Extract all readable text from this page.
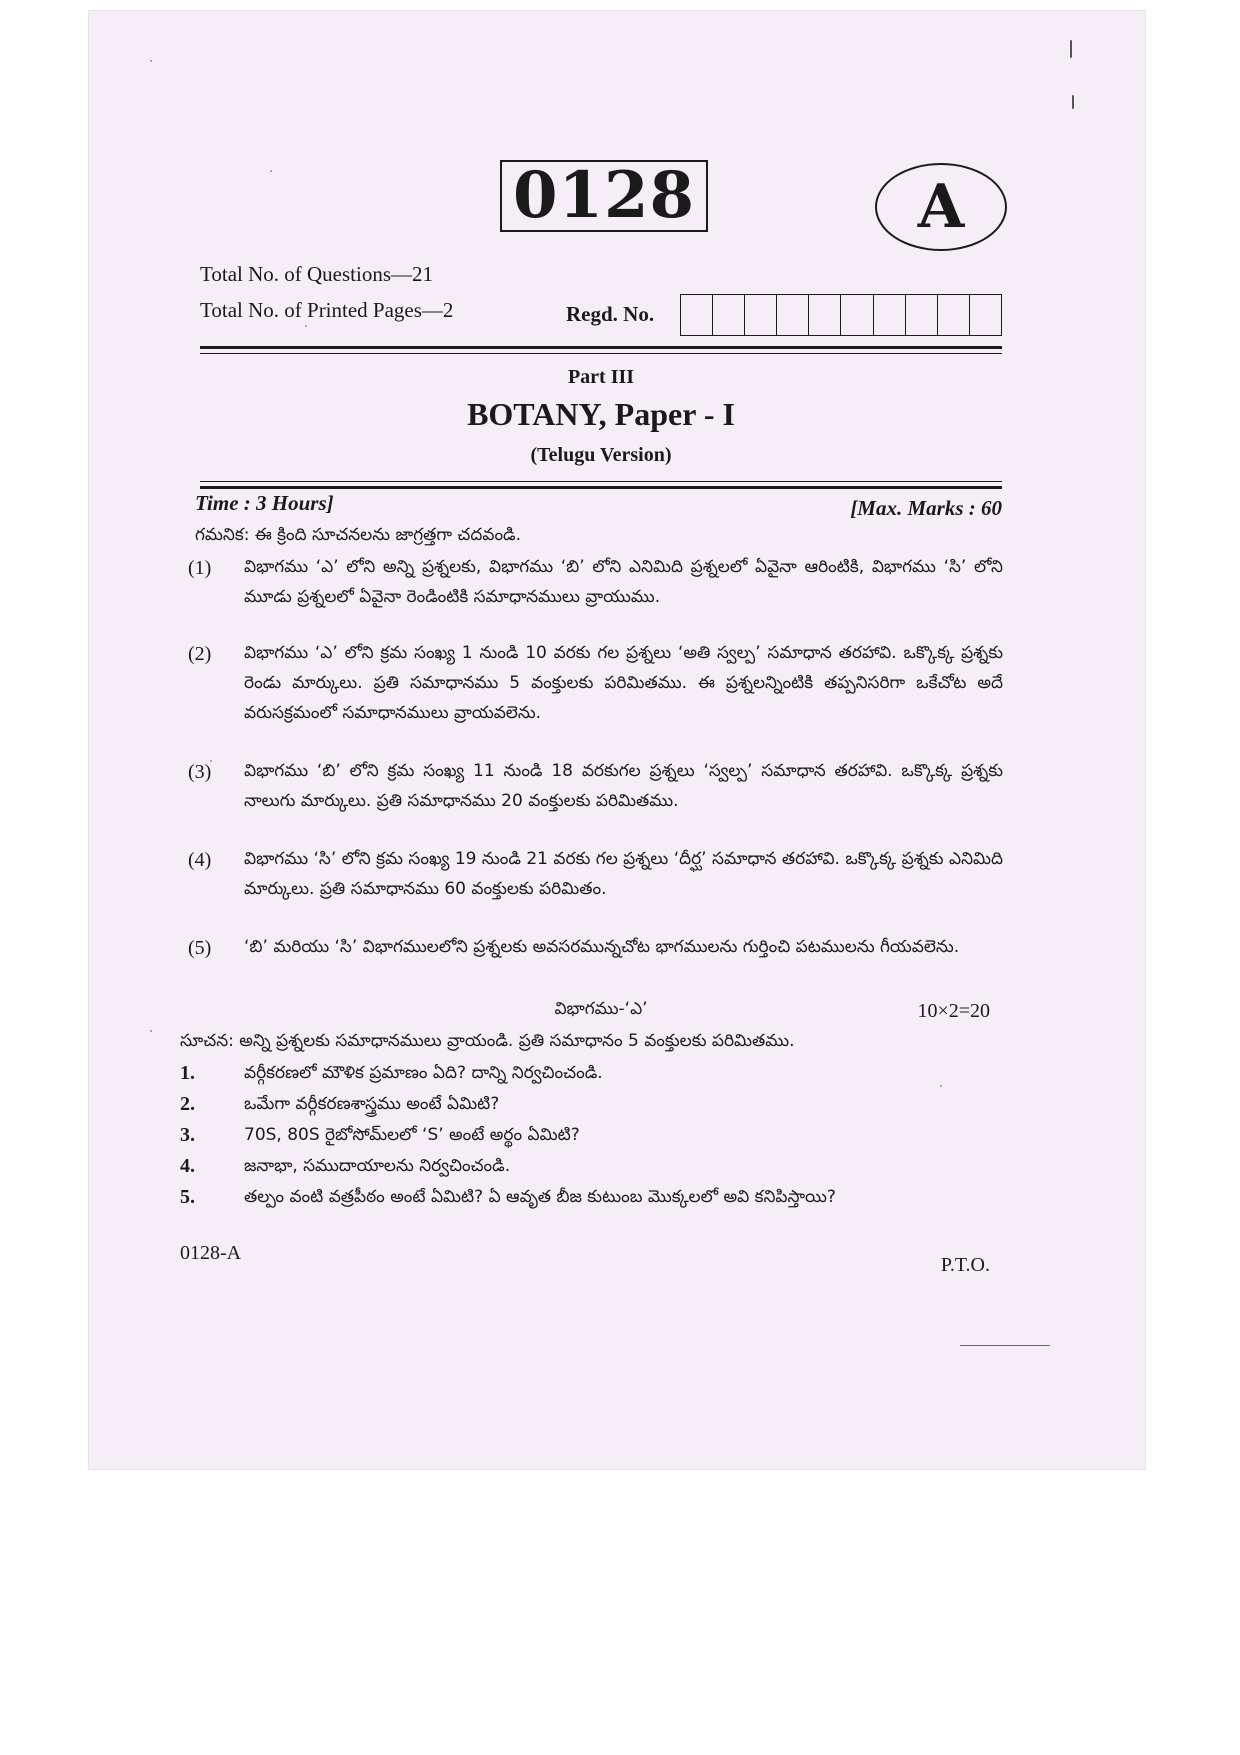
0128	A
Total No. of Questions—21
Total No. of Printed Pages—2	Regd. No.
Part III
BOTANY, Paper - I
(Telugu Version)
Time : 3 Hours]	[Max. Marks : 60
గమనిక: ఈ క్రింది సూచనలను జాగ్రత్తగా చదవండి.
(1)	విభాగము ‘ఎ’ లోని అన్ని ప్రశ్నలకు, విభాగము ‘బి’ లోని ఎనిమిది ప్రశ్నలలో ఏవైనా ఆరింటికి, విభాగము ‘సి’ లోని మూడు ప్రశ్నలలో ఏవైనా రెండింటికి సమాధానములు వ్రాయుము.
(2)	విభాగము ‘ఎ’ లోని క్రమ సంఖ్య 1 నుండి 10 వరకు గల ప్రశ్నలు ‘అతి స్వల్ప’ సమాధాన తరహావి. ఒక్కొక్క ప్రశ్నకు రెండు మార్కులు. ప్రతి సమాధానము 5 వంక్తులకు పరిమితము. ఈ ప్రశ్నలన్నింటికి తప్పనిసరిగా ఒకేచోట అదే వరుసక్రమంలో సమాధానములు వ్రాయవలెను.
(3)	విభాగము ‘బి’ లోని క్రమ సంఖ్య 11 నుండి 18 వరకుగల ప్రశ్నలు ‘స్వల్ప’ సమాధాన తరహావి. ఒక్కొక్క ప్రశ్నకు నాలుగు మార్కులు. ప్రతి సమాధానము 20 వంక్తులకు పరిమితము.
(4)	విభాగము ‘సి’ లోని క్రమ సంఖ్య 19 నుండి 21 వరకు గల ప్రశ్నలు ‘దీర్ఘ’ సమాధాన తరహావి. ఒక్కొక్క ప్రశ్నకు ఎనిమిది మార్కులు. ప్రతి సమాధానము 60 వంక్తులకు పరిమితం.
(5)	‘బి’ మరియు ‘సి’ విభాగములలోని ప్రశ్నలకు అవసరమున్నచోట భాగములను గుర్తించి పటములను గీయవలెను.
విభాగము-‘ఎ’	10×2=20
సూచన: అన్ని ప్రశ్నలకు సమాధానములు వ్రాయండి. ప్రతి సమాధానం 5 వంక్తులకు పరిమితము.
1.	వర్గీకరణలో మౌళిక ప్రమాణం ఏది? దాన్ని నిర్వచించండి.
2.	ఒమేగా వర్గీకరణశాస్త్రము అంటే ఏమిటి?
3.	70S, 80S రైబోసోమ్‌లలో ‘S’ అంటే అర్థం ఏమిటి?
4.	జనాభా, సముదాయాలను నిర్వచించండి.
5.	తల్పం వంటి వత్రపీఠం అంటే ఏమిటి? ఏ ఆవృత బీజ కుటుంబ మొక్కలలో అవి కనిపిస్తాయి?
0128-A
P.T.O.
